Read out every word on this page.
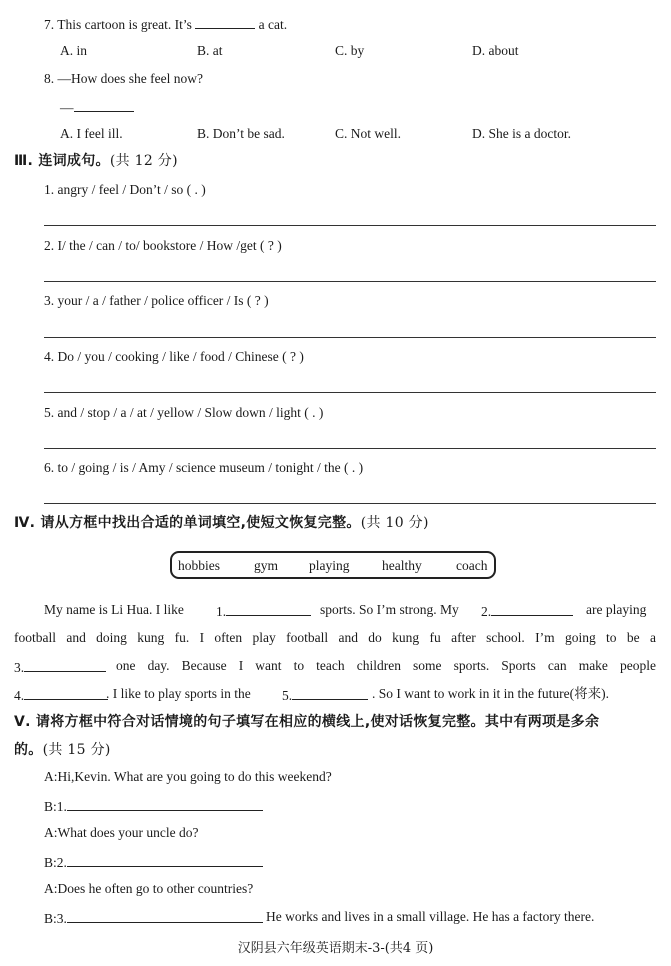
7. This cartoon is great. It’s	a cat.
A. in	B. at	C. by	D. about
8. —How does she feel now?
—
A. I feel ill.	B. Don’t be sad.	C. Not well.	D. She is a doctor.
Ⅲ. 连词成句。(共 12 分)
1. angry / feel / Don’t / so ( . )
2. I/ the / can / to/ bookstore / How /get ( ? )
3. your / a / father / police officer / Is ( ? )
4. Do / you / cooking / like / food / Chinese ( ? )
5. and / stop / a / at / yellow / Slow down / light ( . )
6. to / going / is / Amy / science museum / tonight / the ( . )
Ⅳ. 请从方框中找出合适的单词填空,使短文恢复完整。(共 10 分)
hobbies	gym playing healthy	coach
My name is Li Hua. I like 1.	sports. So I’m strong. My 2.	are playing
football and doing kung fu. I often play football and do kung fu after school. I’m going to be a
3.	one day. Because I want to teach children some sports. Sports can make people
4.	. I like to play sports in the 5.	. So I want to work in it in the future(将来).
Ⅴ. 请将方框中符合对话情境的句子填写在相应的横线上,使对话恢复完整。其中有两项是多余
的。(共 15 分)
A:Hi,Kevin. What are you going to do this weekend?
B:1.
A:What does your uncle do?
B:2.
A:Does he often go to other countries?
B:3.	He works and lives in a small village. He has a factory there.
汉阴县六年级英语期末-3-(共4 页)
